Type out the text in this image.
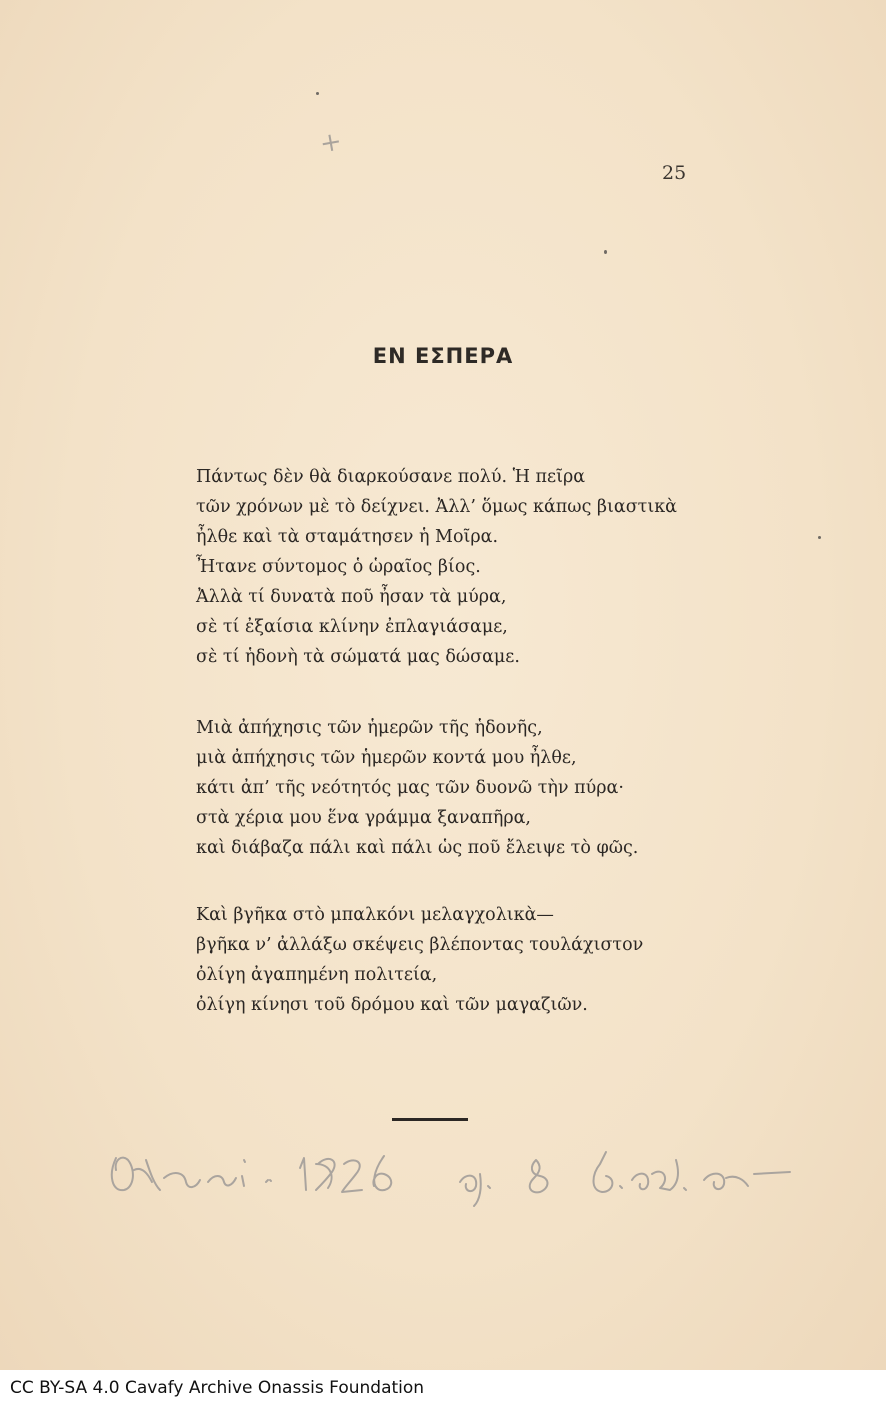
+
25
ΕΝ ΕΣΠΕΡΑ
Πάντως δὲν θὰ διαρκούσανε πολύ. Ἡ πεῖρα
τῶν χρόνων μὲ τὸ δείχνει. Ἀλλ’ ὅμως κάπως βιαστικὰ
ἦλθε καὶ τὰ σταμάτησεν ἡ Μοῖρα.
Ἦτανε σύντομος ὁ ὡραῖος βίος.
Ἀλλὰ τί δυνατὰ ποῦ ἦσαν τὰ μύρα,
σὲ τί ἐξαίσια κλίνην ἐπλαγιάσαμε,
σὲ τί ἡδονὴ τὰ σώματά μας δώσαμε.
Μιὰ ἀπήχησις τῶν ἡμερῶν τῆς ἡδονῆς,
μιὰ ἀπήχησις τῶν ἡμερῶν κοντά μου ἦλθε,
κάτι ἀπ’ τῆς νεότητός μας τῶν δυονῶ τὴν πύρα·
στὰ χέρια μου ἕνα γράμμα ξαναπῆρα,
καὶ διάβαζα πάλι καὶ πάλι ὡς ποῦ ἔλειψε τὸ φῶς.
Καὶ βγῆκα στὸ μπαλκόνι μελαγχολικὰ—
βγῆκα ν’ ἀλλάξω σκέψεις βλέποντας τουλάχιστον
ὀλίγη ἀγαπημένη πολιτεία,
ὀλίγη κίνησι τοῦ δρόμου καὶ τῶν μαγαζιῶν.
CC BY-SA 4.0 Cavafy Archive Onassis Foundation
